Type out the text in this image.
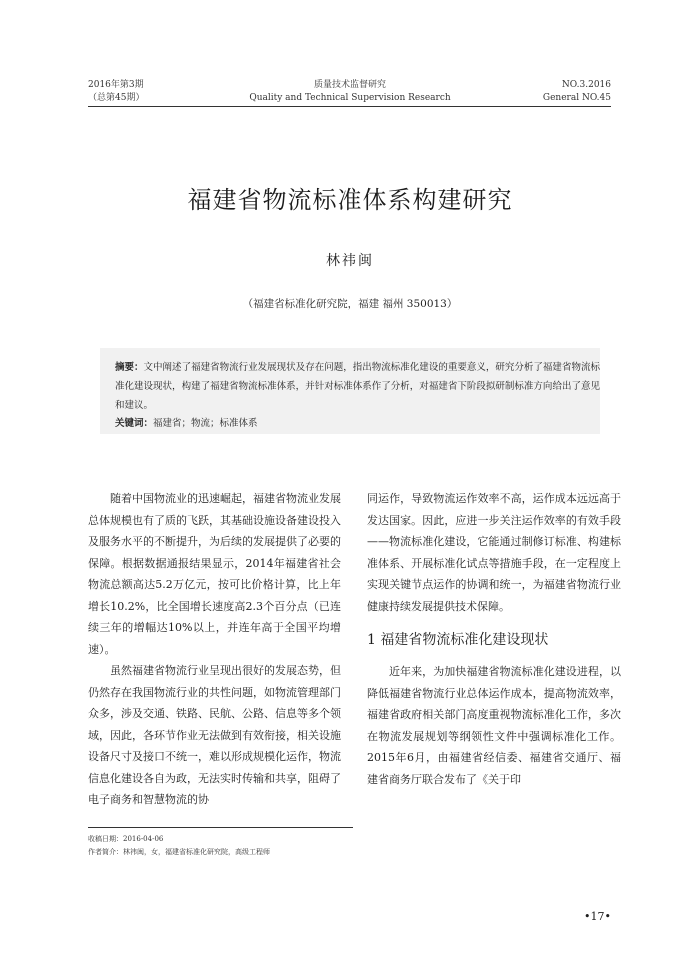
2016年第3期
（总第45期）
质量技术监督研究
Quality and Technical Supervision Research
NO.3.2016
General NO.45
福建省物流标准体系构建研究
林祎闽
（福建省标准化研究院，福建 福州 350013）
摘要：文中阐述了福建省物流行业发展现状及存在问题，指出物流标准化建设的重要意义，研究分析了福建省物流标准化建设现状，构建了福建省物流标准体系，并针对标准体系作了分析，对福建省下阶段拟研制标准方向给出了意见和建议。
关键词：福建省；物流；标准体系

随着中国物流业的迅速崛起，福建省物流业发展总体规模也有了质的飞跃，其基础设施设备建设投入及服务水平的不断提升，为后续的发展提供了必要的保障。根据数据通报结果显示，2014年福建省社会物流总额高达5.2万亿元，按可比价格计算，比上年增长10.2%，比全国增长速度高2.3个百分点（已连续三年的增幅达10%以上，并连年高于全国平均增速）。

虽然福建省物流行业呈现出很好的发展态势，但仍然存在我国物流行业的共性问题，如物流管理部门众多，涉及交通、铁路、民航、公路、信息等多个领域，因此，各环节作业无法做到有效衔接，相关设施设备尺寸及接口不统一，难以形成规模化运作，物流信息化建设各自为政，无法实时传输和共享，阻碍了电子商务和智慧物流的协

同运作，导致物流运作效率不高，运作成本远远高于发达国家。因此，应进一步关注运作效率的有效手段——物流标准化建设，它能通过制修订标准、构建标准体系、开展标准化试点等措施手段，在一定程度上实现关键节点运作的协调和统一，为福建省物流行业健康持续发展提供技术保障。

1 福建省物流标准化建设现状

近年来，为加快福建省物流标准化建设进程，以降低福建省物流行业总体运作成本，提高物流效率，福建省政府相关部门高度重视物流标准化工作，多次在物流发展规划等纲领性文件中强调标准化工作。2015年6月，由福建省经信委、福建省交通厅、福建省商务厅联合发布了《关于印

收稿日期：2016-04-06
作者简介：林祎闽，女，福建省标准化研究院，高级工程师
•17•
